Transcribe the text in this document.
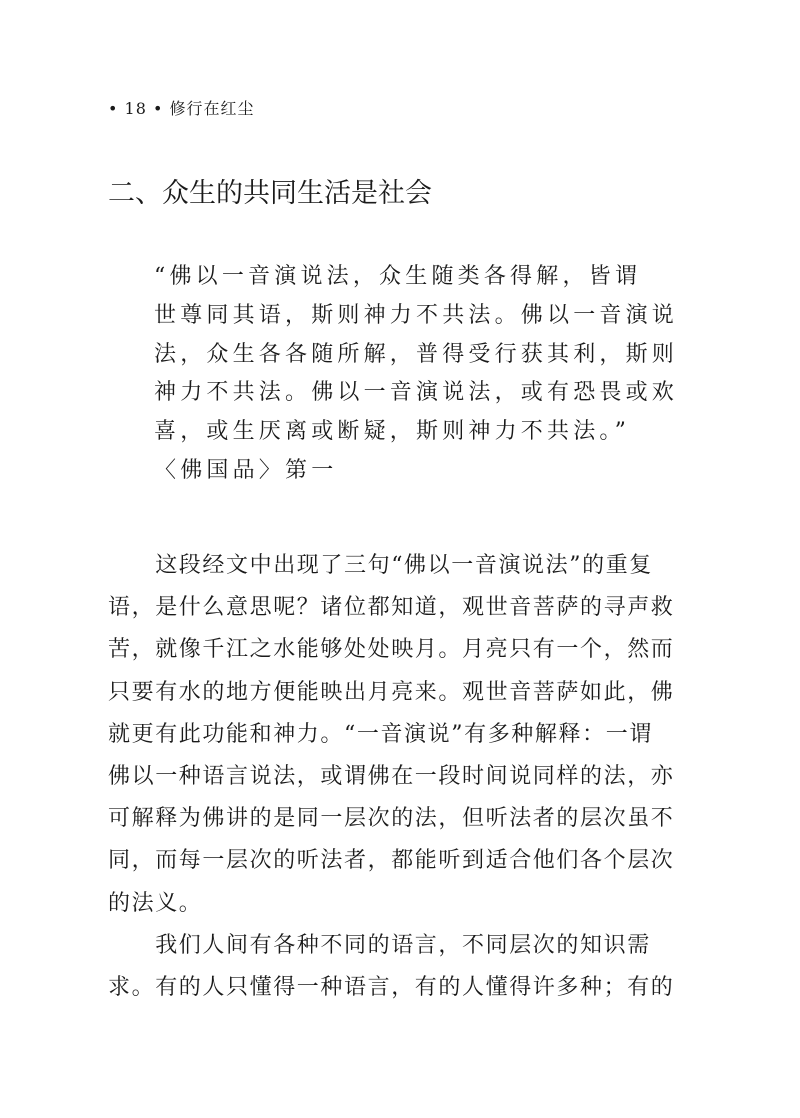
• 18 • 修行在红尘
二、众生的共同生活是社会
“佛以一音演说法，众生随类各得解，皆谓
世尊同其语，斯则神力不共法。佛以一音演说
法，众生各各随所解，普得受行获其利，斯则
神力不共法。佛以一音演说法，或有恐畏或欢
喜，或生厌离或断疑，斯则神力不共法。”
〈佛国品〉第一
　　这段经文中出现了三句“佛以一音演说法”的重复
语，是什么意思呢？诸位都知道，观世音菩萨的寻声救
苦，就像千江之水能够处处映月。月亮只有一个，然而
只要有水的地方便能映出月亮来。观世音菩萨如此，佛
就更有此功能和神力。“一音演说”有多种解释：一谓
佛以一种语言说法，或谓佛在一段时间说同样的法，亦
可解释为佛讲的是同一层次的法，但听法者的层次虽不
同，而每一层次的听法者，都能听到适合他们各个层次
的法义。
　　我们人间有各种不同的语言，不同层次的知识需
求。有的人只懂得一种语言，有的人懂得许多种；有的
